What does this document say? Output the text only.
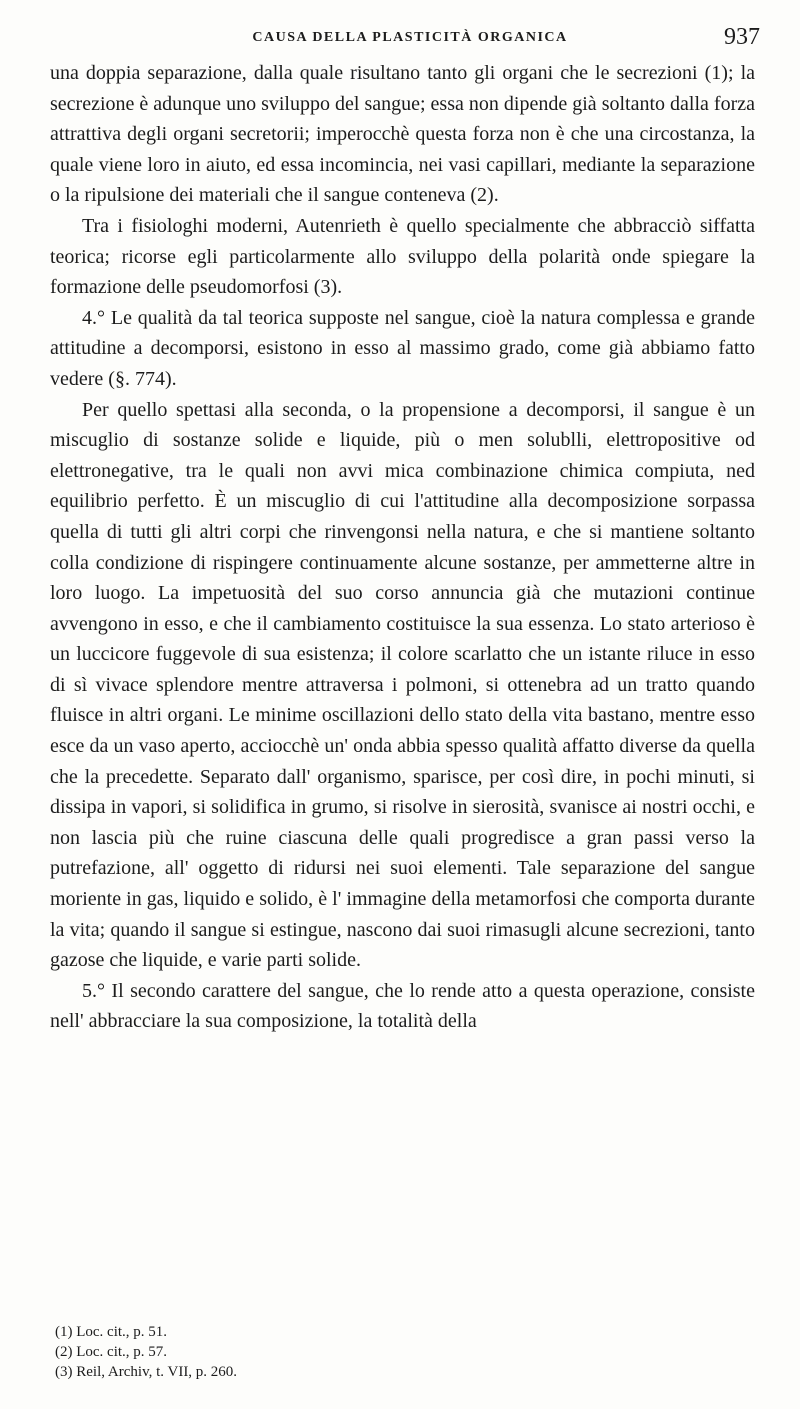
CAUSA DELLA PLASTICITÀ ORGANICA	937

una doppia separazione, dalla quale risultano tanto gli organi che le secrezioni (1); la secrezione è adunque uno sviluppo del sangue; essa non dipende già soltanto dalla forza attrattiva degli organi secretorii; imperocchè questa forza non è che una circostanza, la quale viene loro in aiuto, ed essa incomincia, nei vasi capillari, mediante la separazione o la ripulsione dei materiali che il sangue conteneva (2).

Tra i fisiologhi moderni, Autenrieth è quello specialmente che abbracciò siffatta teorica; ricorse egli particolarmente allo sviluppo della polarità onde spiegare la formazione delle pseudomorfosi (3).

4.° Le qualità da tal teorica supposte nel sangue, cioè la natura complessa e grande attitudine a decomporsi, esistono in esso al massimo grado, come già abbiamo fatto vedere (§. 774).

Per quello spettasi alla seconda, o la propensione a decomporsi, il sangue è un miscuglio di sostanze solide e liquide, più o men solublli, elettropositive od elettronegative, tra le quali non avvi mica combinazione chimica compiuta, ned equilibrio perfetto. È un miscuglio di cui l'attitudine alla decomposizione sorpassa quella di tutti gli altri corpi che rinvengonsi nella natura, e che si mantiene soltanto colla condizione di rispingere continuamente alcune sostanze, per ammetterne altre in loro luogo. La impetuosità del suo corso annuncia già che mutazioni continue avvengono in esso, e che il cambiamento costituisce la sua essenza. Lo stato arterioso è un luccicore fuggevole di sua esistenza; il colore scarlatto che un istante riluce in esso di sì vivace splendore mentre attraversa i polmoni, si ottenebra ad un tratto quando fluisce in altri organi. Le minime oscillazioni dello stato della vita bastano, mentre esso esce da un vaso aperto, acciocchè un' onda abbia spesso qualità affatto diverse da quella che la precedette. Separato dall' organismo, sparisce, per così dire, in pochi minuti, si dissipa in vapori, si solidifica in grumo, si risolve in sierosità, svanisce ai nostri occhi, e non lascia più che ruine ciascuna delle quali progredisce a gran passi verso la putrefazione, all' oggetto di ridursi nei suoi elementi. Tale separazione del sangue moriente in gas, liquido e solido, è l' immagine della metamorfosi che comporta durante la vita; quando il sangue si estingue, nascono dai suoi rimasugli alcune secrezioni, tanto gazose che liquide, e varie parti solide.

5.° Il secondo carattere del sangue, che lo rende atto a questa operazione, consiste nell' abbracciare la sua composizione, la totalità della

(1) Loc. cit., p. 51.
(2) Loc. cit., p. 57.
(3) Reil, Archiv, t. VII, p. 260.
